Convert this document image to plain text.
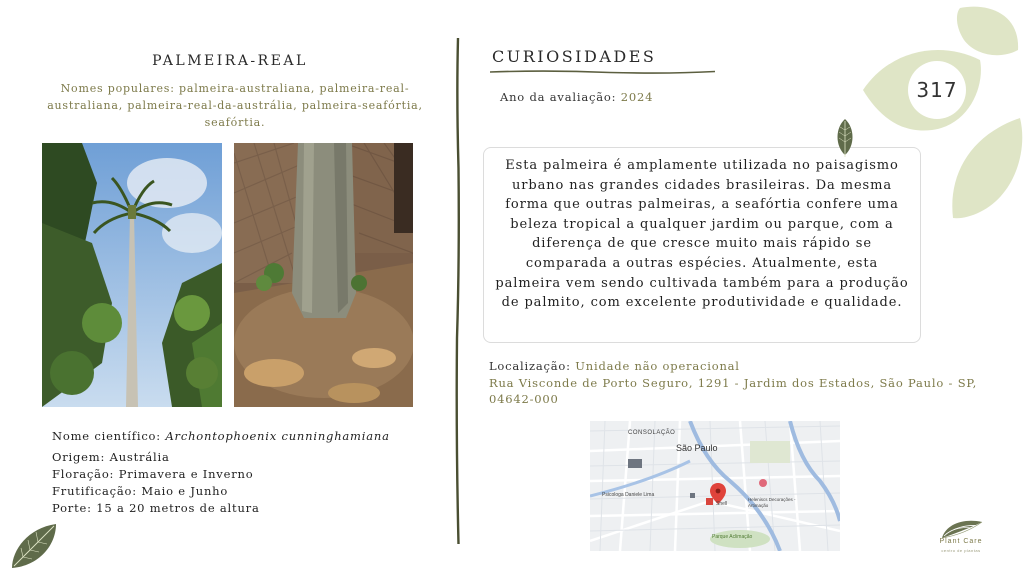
PALMEIRA-REAL
Nomes populares: palmeira-australiana, palmeira-real-australiana, palmeira-real-da-austrália, palmeira-seafórtia, seafórtia.
Nome científico: Archontophoenix cunninghamiana
Origem: Austrália
Floração: Primavera e Inverno
Frutificação: Maio e Junho
Porte: 15 a 20 metros de altura
CURIOSIDADES
Ano da avaliação: 2024
Esta palmeira é amplamente utilizada no paisagismo urbano nas grandes cidades brasileiras. Da mesma forma que outras palmeiras, a seafórtia confere uma beleza tropical a qualquer jardim ou parque, com a diferença de que cresce muito mais rápido se comparada a outras espécies. Atualmente, esta palmeira vem sendo cultivada também para a produção de palmito, com excelente produtividade e qualidade.
Localização: Unidade não operacional
Rua Visconde de Porto Seguro, 1291 - Jardim dos Estados, São Paulo - SP, 04642-000
CONSOLAÇÃO
São Paulo
Psicologa Daniele Lima
Shell
Heleniscs Decorações - Artimação
Parque Aclimação
317
Plant Care
centro de plantas
